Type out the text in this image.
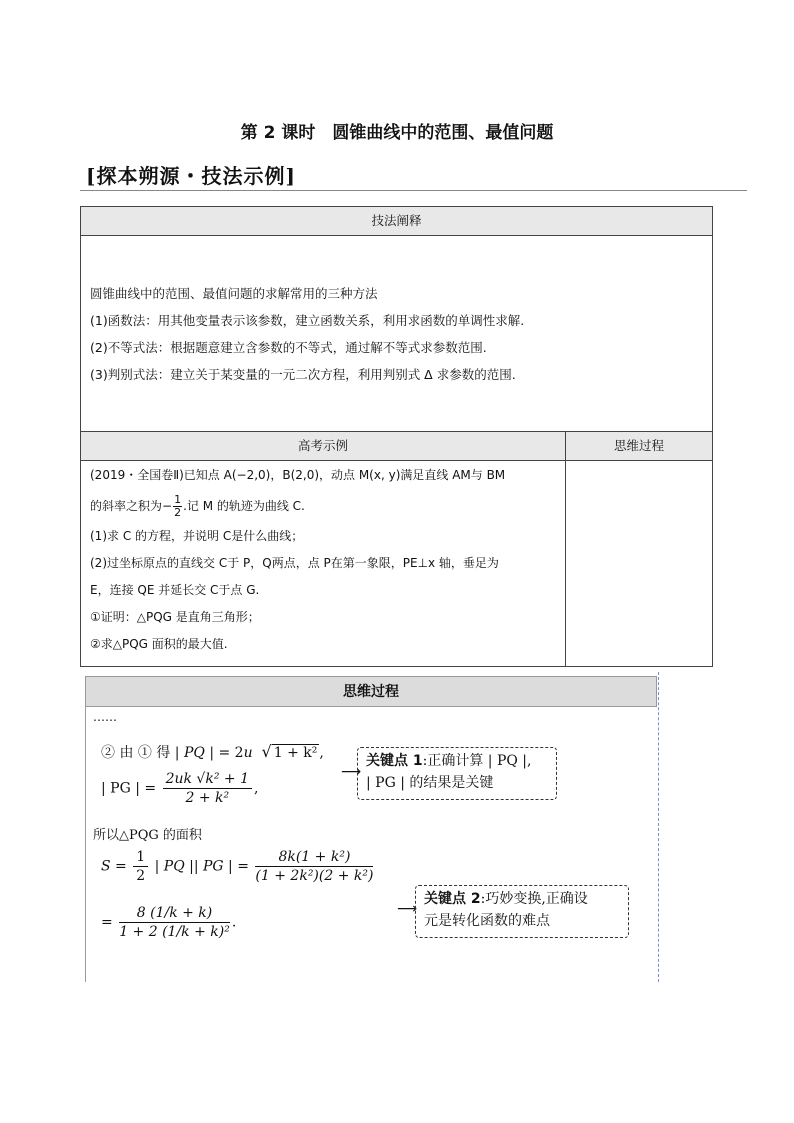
第 2 课时　圆锥曲线中的范围、最值问题
[探本朔源・技法示例]
技法阐释

圆锥曲线中的范围、最值问题的求解常用的三种方法

(1)函数法：用其他变量表示该参数，建立函数关系，利用求函数的单调性求解.

(2)不等式法：根据题意建立含参数的不等式，通过解不等式求参数范围.

(3)判别式法：建立关于某变量的一元二次方程，利用判别式 Δ 求参数的范围.

高考示例	思维过程

(2019・全国卷Ⅱ)已知点 A(−2,0)，B(2,0)，动点 M(x, y)满足直线 AM与 BM

的斜率之积为− $\frac{1}{2}$ .记 M 的轨迹为曲线 C.

(1)求 C 的方程，并说明 C是什么曲线；

(2)过坐标原点的直线交 C于 P，Q两点，点 P在第一象限，PE⊥x 轴，垂足为

E，连接 QE 并延长交 C于点 G.

①证明：△PQG 是直角三角形；

②求△PQG 面积的最大值.

思维过程
……
② 由 ① 得 | PQ | = 2u √ 1 + k² ,
| PG | = $\frac{\text{2uk √k² + 1}}{\text{2 + k²}}$ ,
所以△PQG 的面积
$S = \frac{1}{2}$ | PQ || PG | = $\frac{\text{8k(1 + k²)}}{\text{(1 + 2k²)(2 + k²)}}$
= $\frac{8 (1/k + k)}{\text{1 + 2 (1/k + k)²}}$ .
⟶
关键点 1:正确计算 | PQ |,
| PG | 的结果是关键
⟶
关键点 2:巧妙变换,正确设
元是转化函数的难点
